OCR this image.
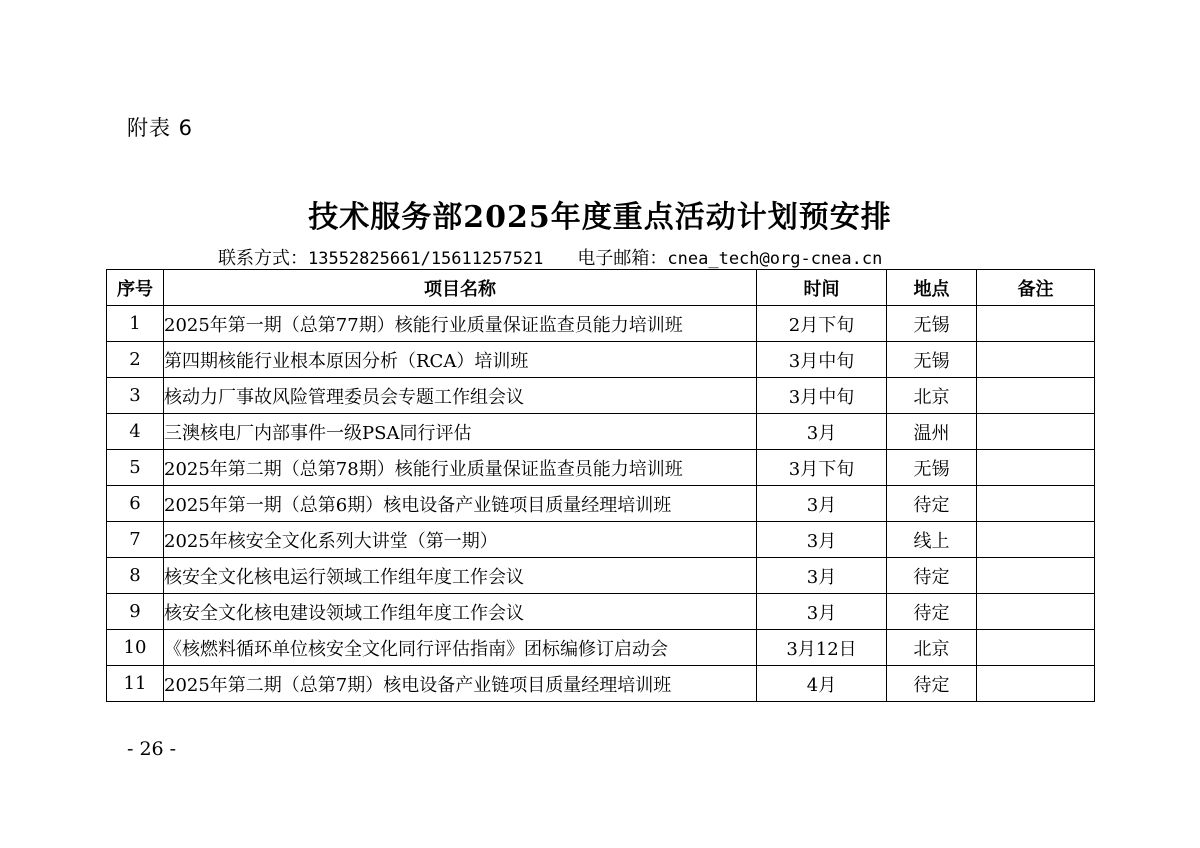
附表 6
技术服务部2025年度重点活动计划预安排
联系方式：13552825661/15611257521 电子邮箱：cnea_tech@org-cnea.cn
序号	项目名称	时间	地点	备注
1	2025年第一期（总第77期）核能行业质量保证监查员能力培训班	2月下旬	无锡	
2	第四期核能行业根本原因分析（RCA）培训班	3月中旬	无锡	
3	核动力厂事故风险管理委员会专题工作组会议	3月中旬	北京	
4	三澳核电厂内部事件一级PSA同行评估	3月	温州	
5	2025年第二期（总第78期）核能行业质量保证监查员能力培训班	3月下旬	无锡	
6	2025年第一期（总第6期）核电设备产业链项目质量经理培训班	3月	待定	
7	2025年核安全文化系列大讲堂（第一期）	3月	线上	
8	核安全文化核电运行领域工作组年度工作会议	3月	待定	
9	核安全文化核电建设领域工作组年度工作会议	3月	待定	
10	《核燃料循环单位核安全文化同行评估指南》团标编修订启动会	3月12日	北京	
11	2025年第二期（总第7期）核电设备产业链项目质量经理培训班	4月	待定	
- 26 -
